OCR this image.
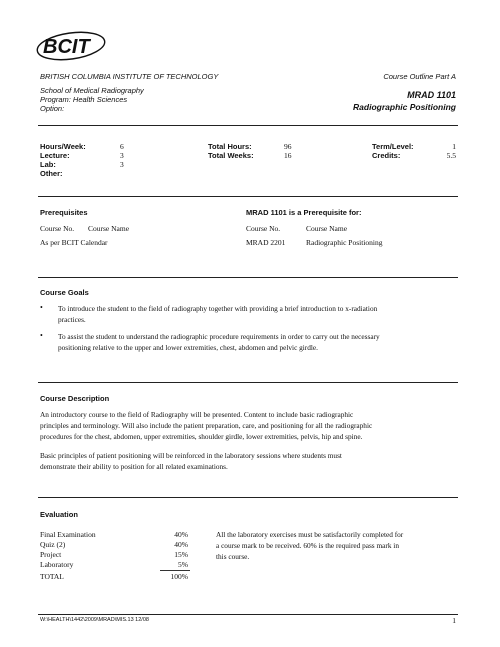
BCIT
BRITISH COLUMBIA INSTITUTE OF TECHNOLOGY
School of Medical Radiography
Program: Health Sciences
Option:
Course Outline Part A
MRAD 1101
Radiographic Positioning
Hours/Week:	6
Lecture:	3
Lab:	3
Other:
Total Hours:	96
Total Weeks:	16
Term/Level:	1
Credits:	5.5
Prerequisites
Course No. Course Name
As per BCIT Calendar
MRAD 1101 is a Prerequisite for:
Course No.	Course Name
MRAD 2201	Radiographic Positioning
Course Goals
• To introduce the student to the field of radiography together with providing a brief introduction to x-radiation
practices.
• To assist the student to understand the radiographic procedure requirements in order to carry out the necessary
positioning relative to the upper and lower extremities, chest, abdomen and pelvic girdle.
Course Description
An introductory course to the field of Radiography will be presented. Content to include basic radiographic
principles and terminology. Will also include the patient preparation, care, and positioning for all the radiographic
procedures for the chest, abdomen, upper extremities, shoulder girdle, lower extremities, pelvis, hip and spine.
Basic principles of patient positioning will be reinforced in the laboratory sessions where students must
demonstrate their ability to position for all related examinations.
Evaluation
Final Examination	40%
Quiz (2)	40%
Project	15%
Laboratory	5%
TOTAL	100%
All the laboratory exercises must be satisfactorily completed for
a course mark to be received. 60% is the required pass mark in
this course.
W:\HEALTH\1442\2009\MRAD\MIS.13 12/08	1
